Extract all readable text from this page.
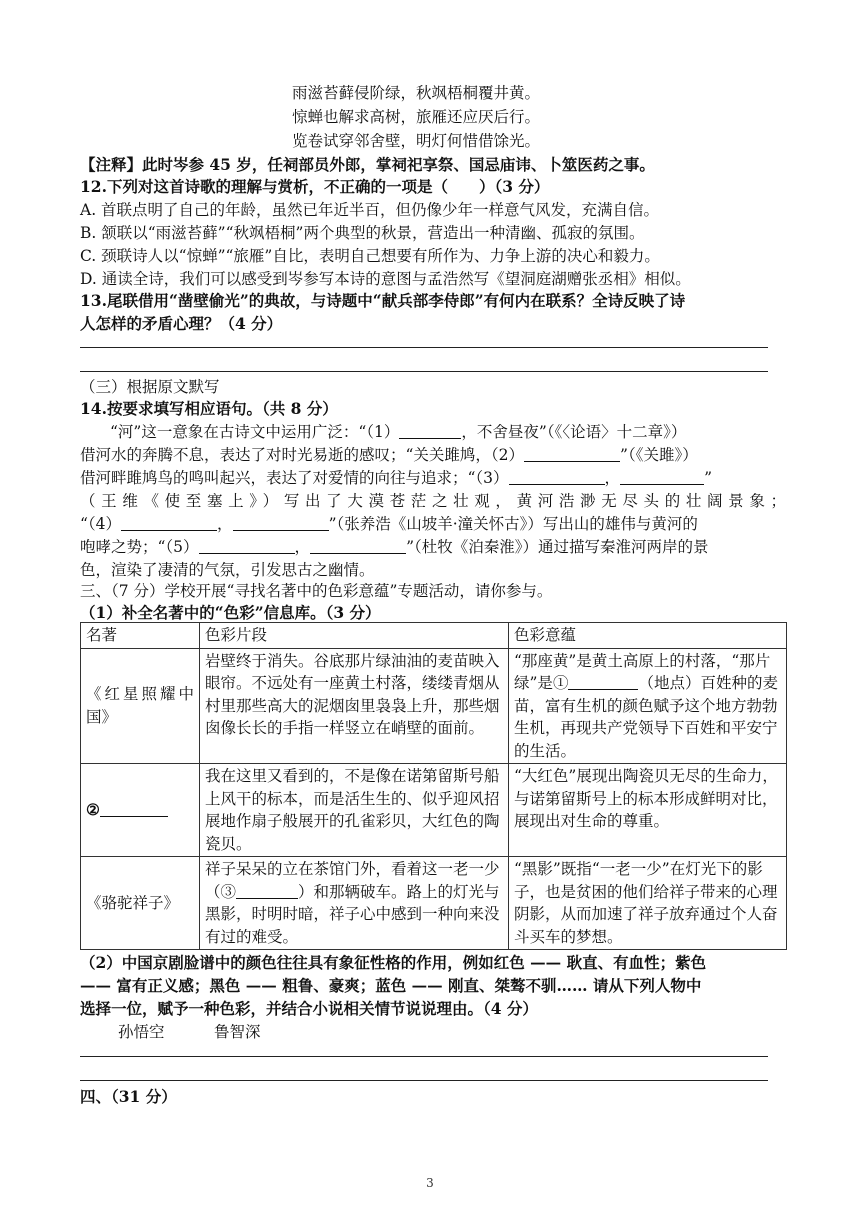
雨滋苔藓侵阶绿，秋飒梧桐覆井黄。
惊蝉也解求高树，旅雁还应厌后行。
览卷试穿邻舍壁，明灯何惜借馀光。
【注释】此时岑参 45 岁，任祠部员外郎，掌祠祀享祭、国忌庙讳、卜筮医药之事。
12.下列对这首诗歌的理解与赏析，不正确的一项是（　　）（3 分）
A. 首联点明了自己的年龄，虽然已年近半百，但仍像少年一样意气风发，充满自信。
B. 颔联以“雨滋苔藓”“秋飒梧桐”两个典型的秋景，营造出一种清幽、孤寂的氛围。
C. 颈联诗人以“惊蝉”“旅雁”自比，表明自己想要有所作为、力争上游的决心和毅力。
D. 通读全诗，我们可以感受到岑参写本诗的意图与孟浩然写《望洞庭湖赠张丞相》相似。
13.尾联借用“凿壁偷光”的典故，与诗题中“献兵部李侍郎”有何内在联系？全诗反映了诗
人怎样的矛盾心理？（4 分）
（三）根据原文默写
14.按要求填写相应语句。（共 8 分）
“河”这一意象在古诗文中运用广泛：“（1）	，不舍昼夜”（《〈论语〉十二章》）
借河水的奔腾不息，表达了对时光易逝的感叹；“关关雎鸠，（2）	”（《关雎》）
借河畔雎鸠鸟的鸣叫起兴，表达了对爱情的向往与追求；“（3）	，	”
（王维《使至塞上》）写出了大漠苍茫之壮观，黄河浩渺无尽头的壮阔景象；
“（4）	，	”（张养浩《山坡羊·潼关怀古》）写出山的雄伟与黄河的
咆哮之势；“（5）	，	”（杜牧《泊秦淮》）通过描写秦淮河两岸的景
色，渲染了凄清的气氛，引发思古之幽情。
三、（7 分）学校开展“寻找名著中的色彩意蕴”专题活动，请你参与。
（1）补全名著中的“色彩”信息库。（3 分）
名著	色彩片段	色彩意蕴
《红星照耀中国》	岩壁终于消失。谷底那片绿油油的麦苗映入眼帘。不远处有一座黄土村落，缕缕青烟从村里那些高大的泥烟囱里袅袅上升，那些烟囱像长长的手指一样竖立在峭壁的面前。	“那座黄”是黄土高原上的村落，“那片绿”是① （地点）百姓种的麦苗，富有生机的颜色赋予这个地方勃勃生机，再现共产党领导下百姓和平安宁的生活。
②	我在这里又看到的，不是像在诺第留斯号船上风干的标本，而是活生生的、似乎迎风招展地作扇子般展开的孔雀彩贝，大红色的陶瓷贝。	“大红色”展现出陶瓷贝无尽的生命力，与诺第留斯号上的标本形成鲜明对比，展现出对生命的尊重。
《骆驼祥子》	祥子呆呆的立在茶馆门外，看着这一老一少（③ ）和那辆破车。路上的灯光与黑影，时明时暗，祥子心中感到一种向来没有过的难受。	“黑影”既指“一老一少”在灯光下的影子，也是贫困的他们给祥子带来的心理阴影，从而加速了祥子放弃通过个人奋斗买车的梦想。
（2）中国京剧脸谱中的颜色往往具有象征性格的作用，例如红色 —— 耿直、有血性；紫色
—— 富有正义感；黑色 —— 粗鲁、豪爽；蓝色 —— 刚直、桀骜不驯…… 请从下列人物中
选择一位，赋予一种色彩，并结合小说相关情节说说理由。（4 分）
孙悟空	鲁智深
四、（31 分）
3
